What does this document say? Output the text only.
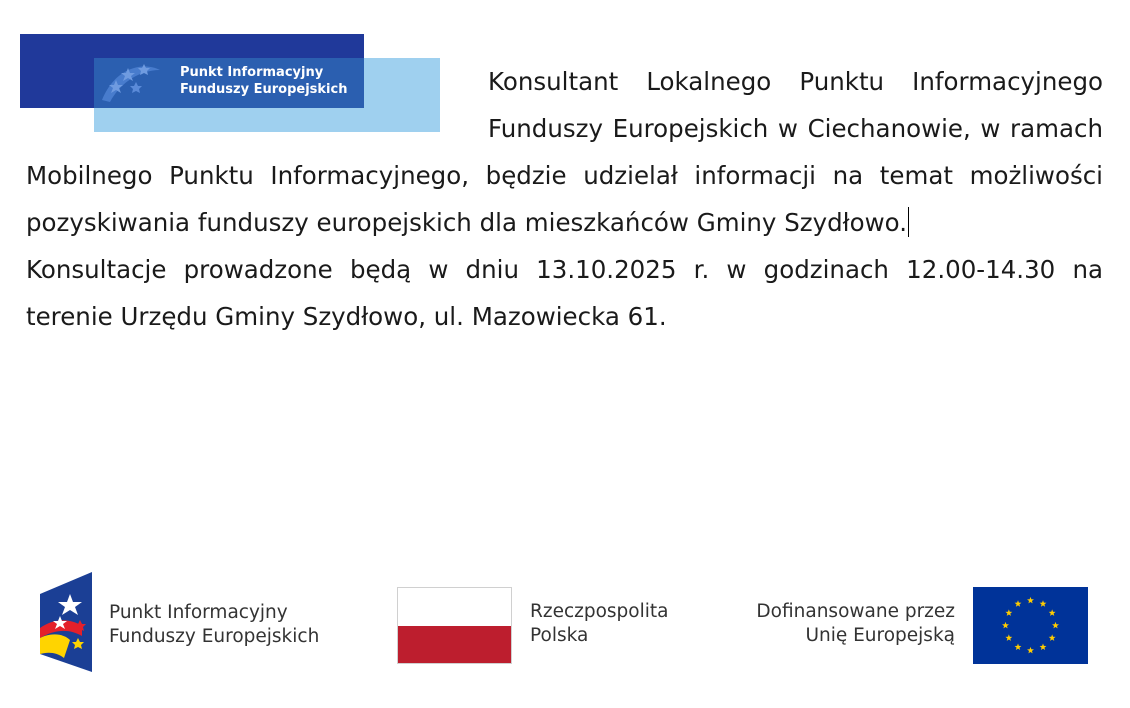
Punkt Informacyjny
Funduszy Europejskich	Konsultant Lokalnego Punktu Informacyjnego Funduszy Europejskich w Ciechanowie, w ramach Mobilnego Punktu Informacyjnego, będzie udzielał informacji na temat możliwości pozyskiwania funduszy europejskich dla mieszkańców Gminy Szydłowo.

Konsultacje prowadzone będą w dniu 13.10.2025 r. w godzinach 12.00-14.30 na terenie Urzędu Gminy Szydłowo, ul. Mazowiecka 61.

Punkt Informacyjny
Funduszy Europejskich
Rzeczpospolita
Polska
Dofinansowane przez
Unię Europejską
